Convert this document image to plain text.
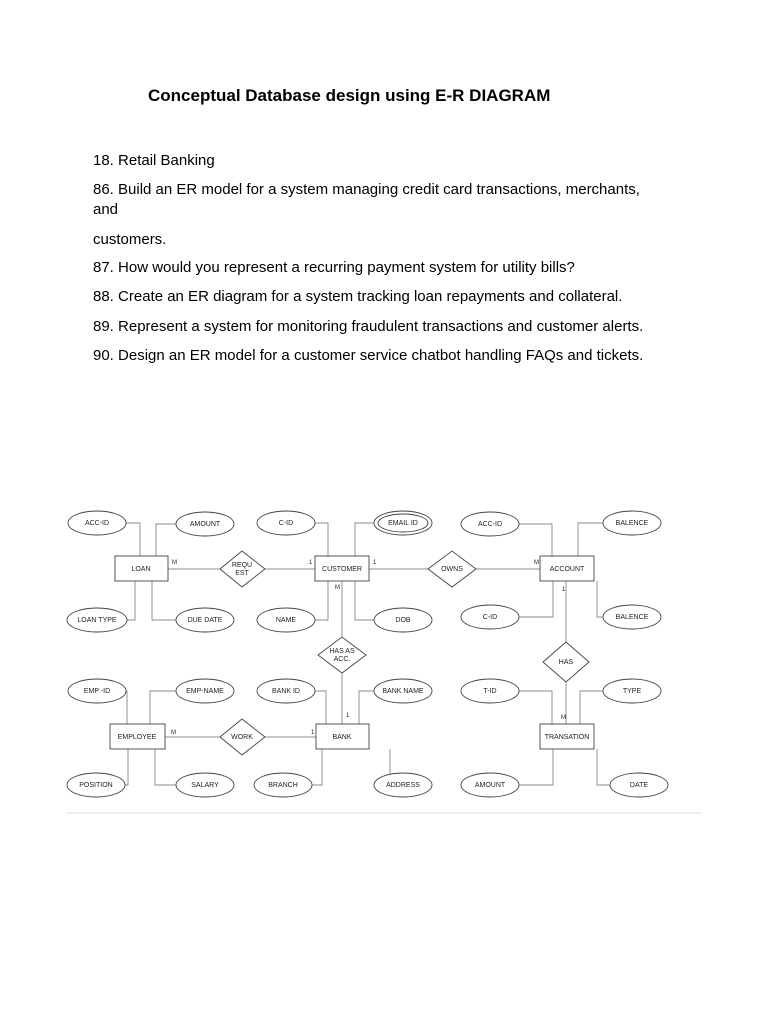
Conceptual Database design using E-R DIAGRAM
18. Retail Banking
86. Build an ER model for a system managing credit card transactions, merchants,
and
customers.
87. How would you represent a recurring payment system for utility bills?
88. Create an ER diagram for a system tracking loan repayments and collateral.
89. Represent a system for monitoring fraudulent transactions and customer alerts.
90. Design an ER model for a customer service chatbot handling FAQs and tickets.
LOAN	CUSTOMER	ACCOUNT
EMPLOYEE	BANK	TRANSATION
REQU
EST
OWNS
HAS AS
ACC.	HAS
WORK
ACC-ID	AMOUNT	C-ID	EMAIL ID	ACC-ID	BALENCE
LOAN TYPE	DUE DATE	NAME	DOB	C-ID	BALENCE
EMP -ID	EMP-NAME	BANK ID	BANK NAME	T-ID	TYPE
POSITION	SALARY	BRANCH	ADDRESS	AMOUNT	DATE
M	1	1	M
M
1
1
M
M	1
